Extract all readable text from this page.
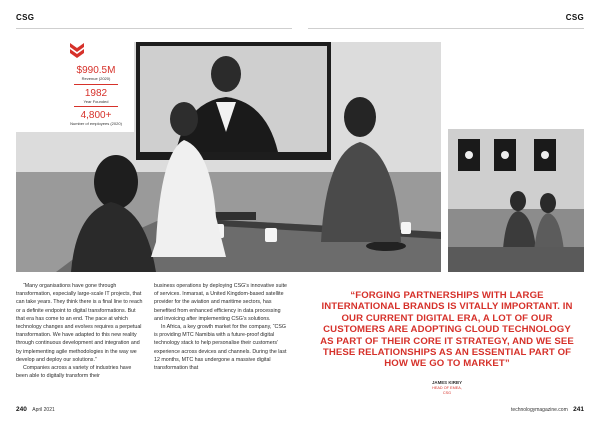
CSG	CSG
$990.5M
Revenue (2020)
1982
Year Founded
4,800+
Number of employees (2020)

“Many organisations have gone through transformation, especially large-scale IT projects, that can take years. They think there is a final line to reach or a definite endpoint to digital transformations. But that era has come to an end. The pace at which technology changes and evolves requires a perpetual transformation. We have adapted to this new reality through continuous development and integration and by implementing agile methodologies in the way we develop and deploy our solutions.”

Companies across a variety of industries have been able to digitally transform their

business operations by deploying CSG’s innovative suite of services. Inmarsat, a United Kingdom-based satellite provider for the aviation and maritime sectors, has benefited from enhanced efficiency in data processing and invoicing after implementing CSG’s solutions.

In Africa, a key growth market for the company, “CSG is providing MTC Namibia with a future-proof digital technology stack to help personalise their customers’ experience across devices and channels. During the last 12 months, MTC has undergone a massive digital transformation that

“FORGING PARTNERSHIPS WITH LARGE INTERNATIONAL BRANDS IS VITALLY IMPORTANT. IN OUR CURRENT DIGITAL ERA, A LOT OF OUR CUSTOMERS ARE ADOPTING CLOUD TECHNOLOGY AS PART OF THEIR CORE IT STRATEGY, AND WE SEE THESE RELATIONSHIPS AS AN ESSENTIAL PART OF HOW WE GO TO MARKET”
JAMES KIRBY
HEAD OF EMEA,
CSG
240 April 2021	technologymagazine.com 241
